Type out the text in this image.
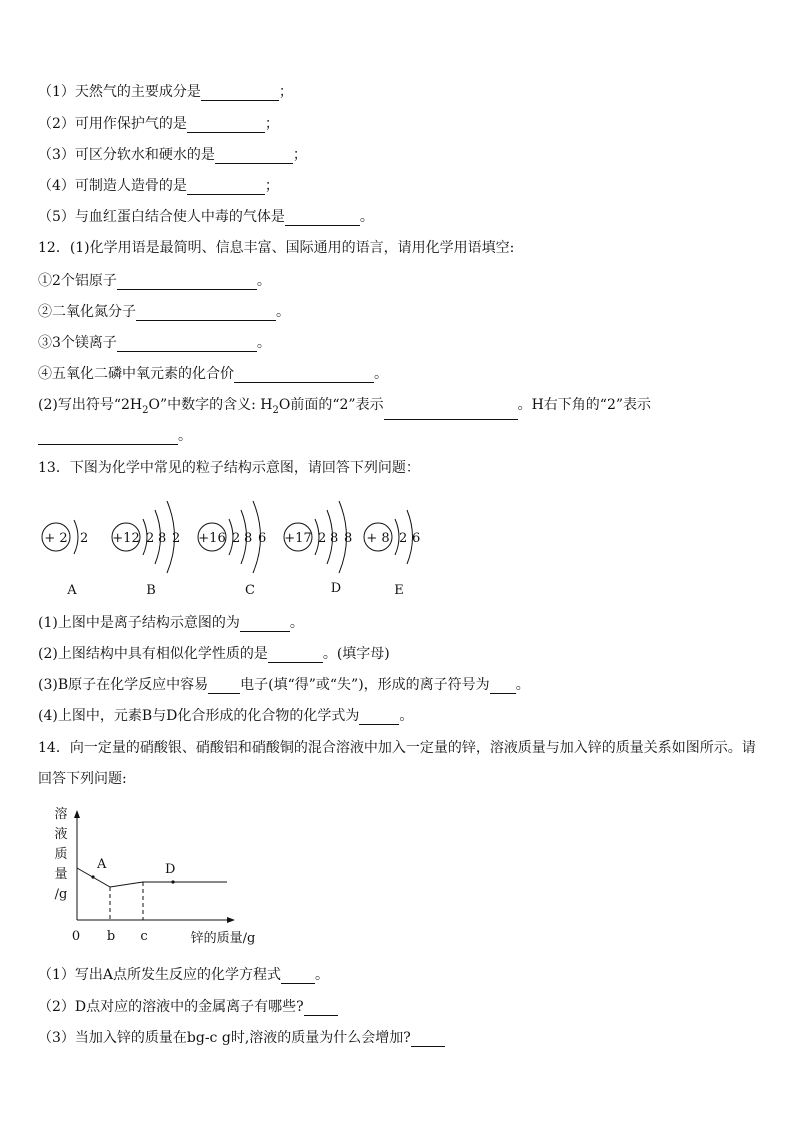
（1）天然气的主要成分是	；
（2）可用作保护气的是	；
（3）可区分软水和硬水的是	；
（4）可制造人造骨的是	；
（5）与血红蛋白结合使人中毒的气体是	。
12．(1)化学用语是最简明、信息丰富、国际通用的语言，请用化学用语填空:
①2个铝原子	。
②二氧化氮分子	。
③3个镁离子	。
④五氧化二磷中氧元素的化合价	。
(2)写出符号“$2H_2O$”中数字的含义: $H_2O$前面的“2”表示	。H右下角的“2”表示
。
13．下图为化学中常见的粒子结构示意图，请回答下列问题：
+ 2 2
A
+12 2 8 2
B
+16 2 8 6
C
+17 2 8 8
D
+ 8 2 6
E
(1)上图中是离子结构示意图的为	。
(2)上图结构中具有相似化学性质的是	。(填字母)
(3)B原子在化学反应中容易 电子(填“得”或“失”)，形成的离子符号为 。
(4)上图中，元素B与D化合形成的化合物的化学式为	。
14．向一定量的硝酸银、硝酸铝和硝酸铜的混合溶液中加入一定量的锌，溶液质量与加入锌的质量关系如图所示。请
回答下列问题:
溶
液
质
量
/g
A	D
0 b c	锌的质量/g
（1）写出A点所发生反应的化学方程式 。
（2）D点对应的溶液中的金属离子有哪些?
（3）当加入锌的质量在bg-c g时,溶液的质量为什么会增加?
